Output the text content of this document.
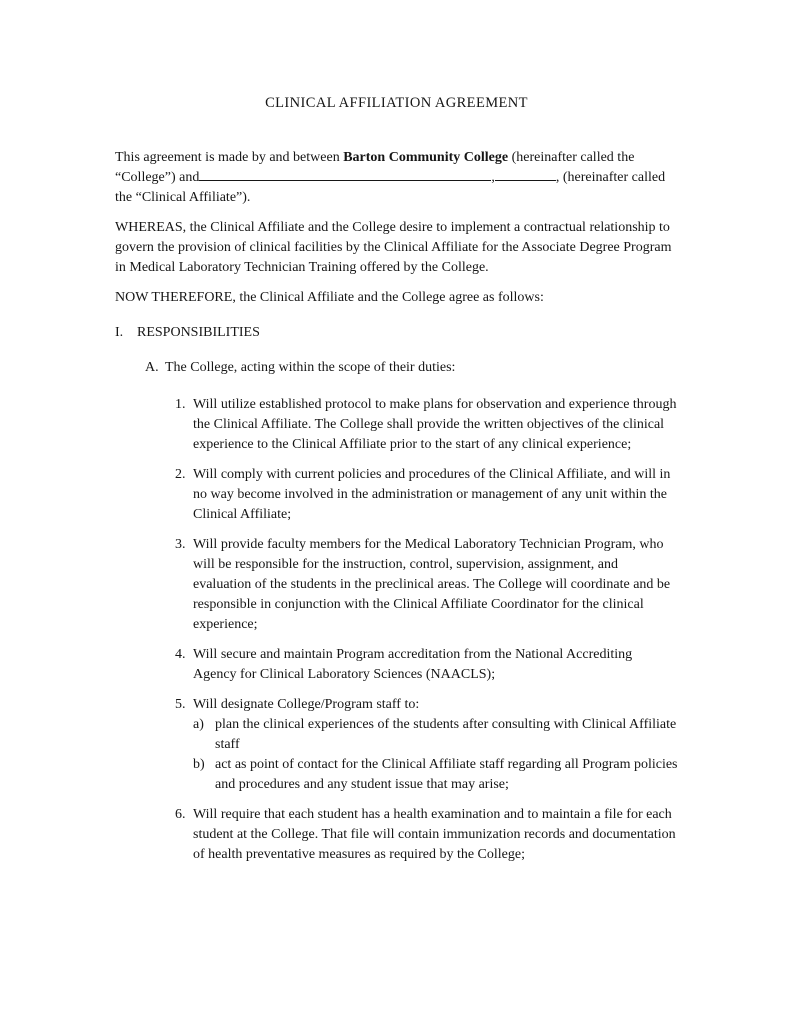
CLINICAL AFFILIATION AGREEMENT

This agreement is made by and between Barton Community College (hereinafter called the “College”) and	,	, (hereinafter called the “Clinical Affiliate”).

WHEREAS, the Clinical Affiliate and the College desire to implement a contractual relationship to govern the provision of clinical facilities by the Clinical Affiliate for the Associate Degree Program in Medical Laboratory Technician Training offered by the College.

NOW THEREFORE, the Clinical Affiliate and the College agree as follows:

I. RESPONSIBILITIES
A. The College, acting within the scope of their duties:
1. Will utilize established protocol to make plans for observation and experience through the Clinical Affiliate. The College shall provide the written objectives of the clinical experience to the Clinical Affiliate prior to the start of any clinical experience;
2. Will comply with current policies and procedures of the Clinical Affiliate, and will in no way become involved in the administration or management of any unit within the Clinical Affiliate;
3. Will provide faculty members for the Medical Laboratory Technician Program, who will be responsible for the instruction, control, supervision, assignment, and evaluation of the students in the preclinical areas. The College will coordinate and be responsible in conjunction with the Clinical Affiliate Coordinator for the clinical experience;
4. Will secure and maintain Program accreditation from the National Accrediting Agency for Clinical Laboratory Sciences (NAACLS);
5. Will designate College/Program staff to:
a) plan the clinical experiences of the students after consulting with Clinical Affiliate staff
b) act as point of contact for the Clinical Affiliate staff regarding all Program policies and procedures and any student issue that may arise;
6. Will require that each student has a health examination and to maintain a file for each student at the College. That file will contain immunization records and documentation of health preventative measures as required by the College;
